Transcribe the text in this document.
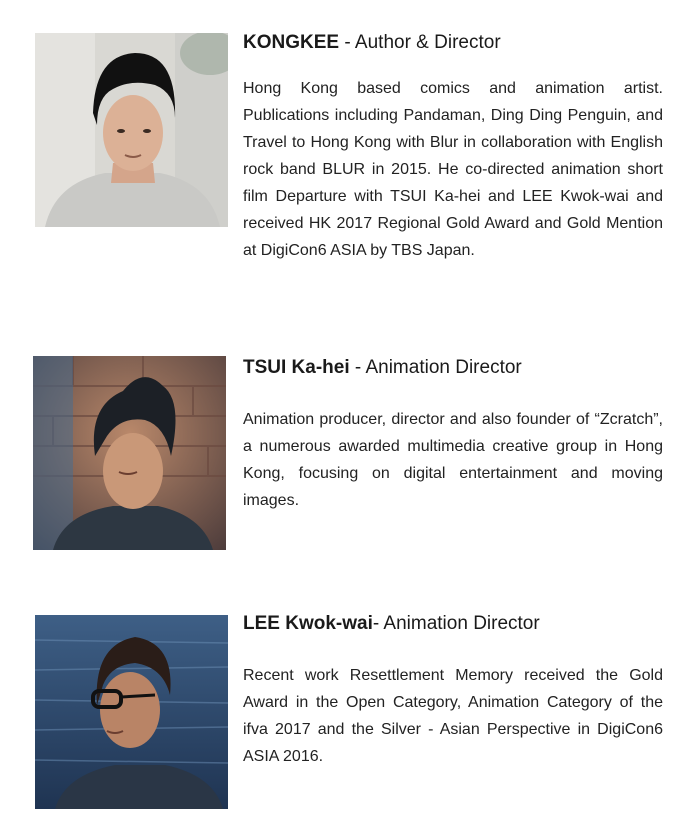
KONGKEE - Author & Director

Hong Kong based comics and animation artist. Publications including Pandaman, Ding Ding Penguin, and Travel to Hong Kong with Blur in collaboration with English rock band BLUR in 2015. He co-directed animation short film Departure with TSUI Ka-hei and LEE Kwok-wai and received HK 2017 Regional Gold Award and Gold Mention at DigiCon6 ASIA by TBS Japan.

TSUI Ka-hei - Animation Director

Animation producer, director and also founder of “Zcratch”, a numerous awarded multimedia creative group in Hong Kong, focusing on digital entertainment and moving images.

LEE Kwok-wai- Animation Director

Recent work Resettlement Memory received the Gold Award in the Open Category, Animation Category of the ifva 2017 and the Silver - Asian Perspective in DigiCon6 ASIA 2016.
